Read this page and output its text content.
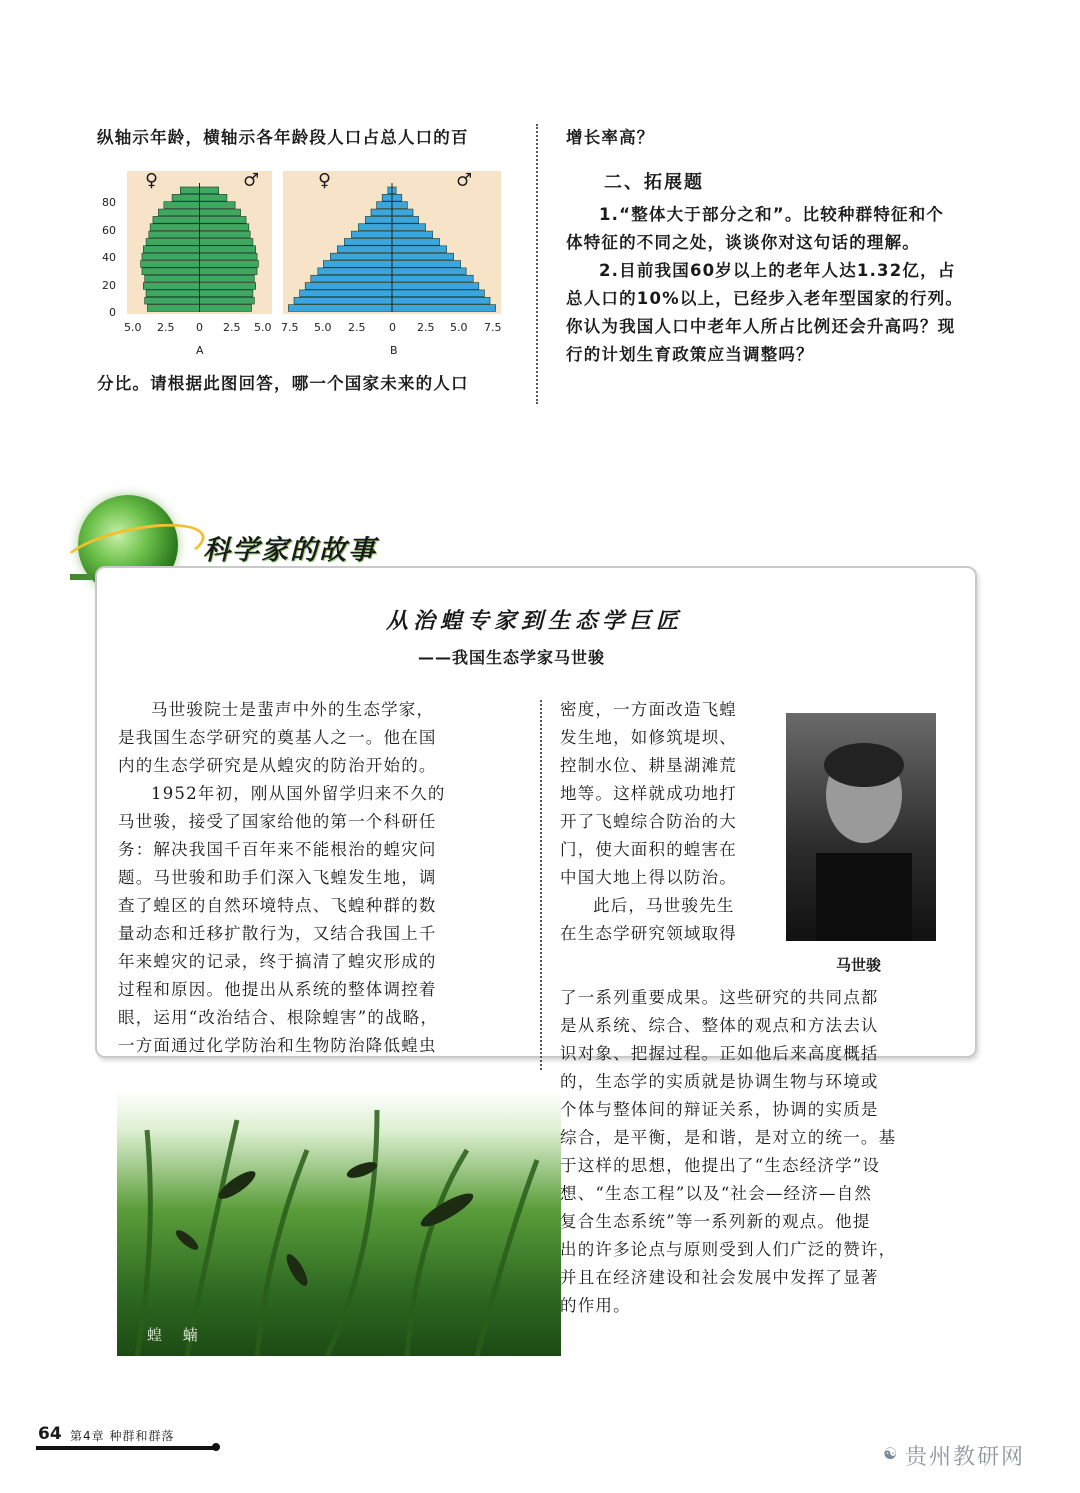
纵轴示年龄，横轴示各年龄段人口占总人口的百
♀	♂	♀	♂
80
60
40
20
0
5.0 2.5 0 2.5 5.0 7.5 5.0 2.5 0 2.5 5.0 7.5
A	B
分比。请根据此图回答，哪一个国家未来的人口
增长率高？
二、拓展题
1.“整体大于部分之和”。比较种群特征和个
体特征的不同之处，谈谈你对这句话的理解。
2.目前我国60岁以上的老年人达1.32亿，占
总人口的10%以上，已经步入老年型国家的行列。
你认为我国人口中老年人所占比例还会升高吗？现
行的计划生育政策应当调整吗？
科学家的故事
从治蝗专家到生态学巨匠
——我国生态学家马世骏
马世骏院士是蜚声中外的生态学家，
是我国生态学研究的奠基人之一。他在国
内的生态学研究是从蝗灾的防治开始的。
1952年初，刚从国外留学归来不久的
马世骏，接受了国家给他的第一个科研任
务：解决我国千百年来不能根治的蝗灾问
题。马世骏和助手们深入飞蝗发生地，调
查了蝗区的自然环境特点、飞蝗种群的数
量动态和迁移扩散行为，又结合我国上千
年来蝗灾的记录，终于搞清了蝗灾形成的
过程和原因。他提出从系统的整体调控着
眼，运用“改治结合、根除蝗害”的战略，
一方面通过化学防治和生物防治降低蝗虫
蝗 蝻
密度，一方面改造飞蝗
发生地，如修筑堤坝、
控制水位、耕垦湖滩荒
地等。这样就成功地打
开了飞蝗综合防治的大
门，使大面积的蝗害在
中国大地上得以防治。
此后，马世骏先生
在生态学研究领域取得
马世骏
了一系列重要成果。这些研究的共同点都
是从系统、综合、整体的观点和方法去认
识对象、把握过程。正如他后来高度概括
的，生态学的实质就是协调生物与环境或
个体与整体间的辩证关系，协调的实质是
综合，是平衡，是和谐，是对立的统一。基
于这样的思想，他提出了“生态经济学”设
想、“生态工程”以及“社会—经济—自然
复合生态系统”等一系列新的观点。他提
出的许多论点与原则受到人们广泛的赞许，
并且在经济建设和社会发展中发挥了显著
的作用。
64 第4章 种群和群落
☯ 贵州教研网
